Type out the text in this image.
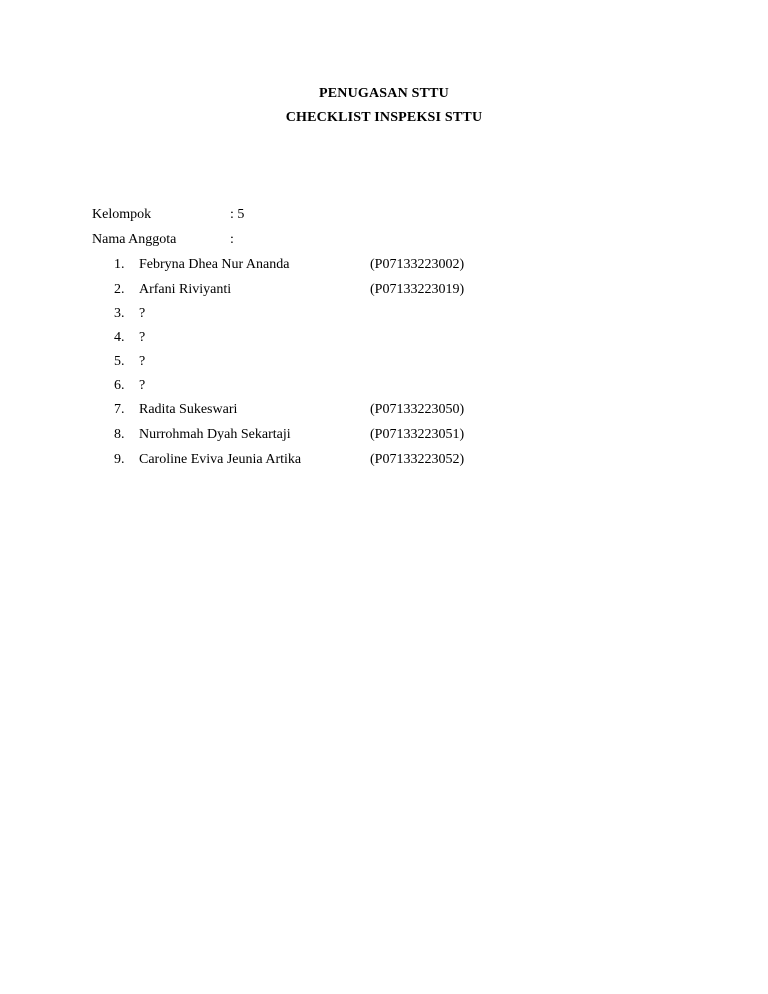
PENUGASAN STTU
CHECKLIST INSPEKSI STTU
Kelompok	: 5
Nama Anggota	:
1. Febryna Dhea Nur Ananda	(P07133223002)
2. Arfani Riviyanti	(P07133223019)
3. ?
4. ?
5. ?
6. ?
7. Radita Sukeswari	(P07133223050)
8. Nurrohmah Dyah Sekartaji	(P07133223051)
9. Caroline Eviva Jeunia Artika	(P07133223052)
